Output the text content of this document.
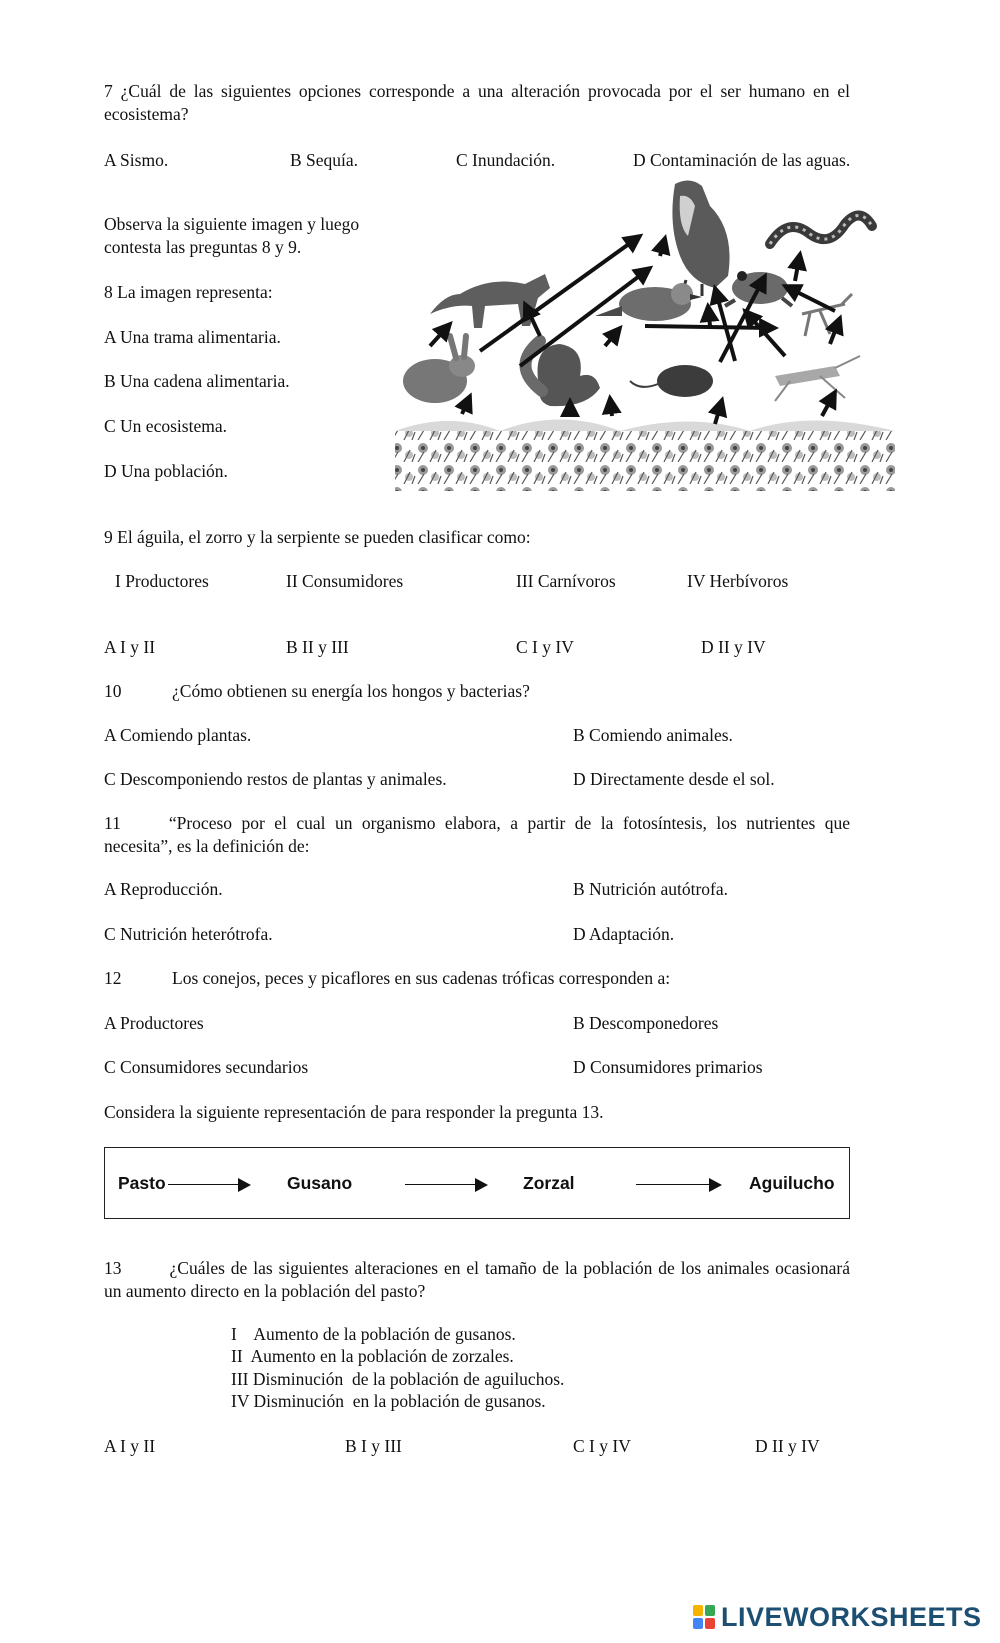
7 ¿Cuál de las siguientes opciones corresponde a una alteración provocada por el ser humano en el ecosistema?
A Sismo.	B Sequía.	C Inundación.	D Contaminación de las aguas.
Observa la siguiente imagen y luego contesta las preguntas 8 y 9.
8 La imagen representa:
A Una trama alimentaria.
B Una cadena alimentaria.
C Un ecosistema.
D Una población.
9 El águila, el zorro y la serpiente se pueden clasificar como:
I Productores	II Consumidores	III Carnívoros	IV Herbívoros
A I y II	B II y III	C I y IV	D II y IV
10	¿Cómo obtienen su energía los hongos y bacterias?
A Comiendo plantas.	B Comiendo animales.
C Descomponiendo restos de plantas y animales.	D Directamente desde el sol.
11	“Proceso por el cual un organismo elabora, a partir de la fotosíntesis, los nutrientes que necesita”, es la definición de:
A Reproducción.	B Nutrición autótrofa.
C Nutrición heterótrofa.	D Adaptación.
12	Los conejos, peces y picaflores en sus cadenas tróficas corresponden a:
A Productores	B Descomponedores
C Consumidores secundarios	D Consumidores primarios
Considera la siguiente representación de para responder la pregunta 13.
Pasto	Gusano	Zorzal	Aguilucho
13	¿Cuáles de las siguientes alteraciones en el tamaño de la población de los animales ocasionará un aumento directo en la población del pasto?
I    Aumento de la población de gusanos.
II  Aumento en la población de zorzales.
III Disminución  de la población de aguiluchos.
IV Disminución  en la población de gusanos.
A I y II	B I y III	C I y IV	D II y IV
LIVEWORKSHEETS
